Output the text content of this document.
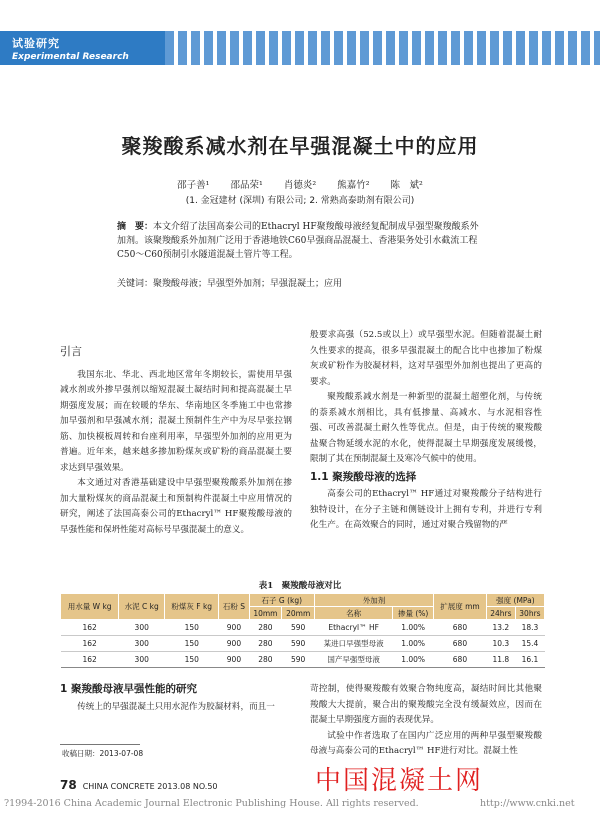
试验研究
Experimental Research
聚羧酸系减水剂在早强混凝土中的应用
邵子善¹ 邵品荣¹ 肖德炎² 熊嘉竹² 陈　斌²
(1. 金冠建材 (深圳) 有限公司; 2. 常熟高泰助剂有限公司)
摘　要：本文介绍了法国高泰公司的Ethacryl HF聚羧酸母液经复配制成早强型聚羧酸系外加剂。该聚羧酸系外加剂广泛用于香港地铁C60早强商品混凝土、香港渠务处引水截流工程C50～C60预制引水隧道混凝土管片等工程。
关键词：聚羧酸母液；早强型外加剂；早强混凝土；应用
引言

我国东北、华北、西北地区常年冬期较长，需使用早强减水剂或外掺早强剂以缩短混凝土凝结时间和提高混凝土早期强度发展；而在较暖的华东、华南地区冬季施工中也常掺加早强剂和早强减水剂；混凝土预制件生产中为尽早张拉钢筋、加快模板周转和台座利用率，早强型外加剂的应用更为普遍。近年来，越来越多掺加粉煤灰或矿粉的商品混凝土要求达到早强效果。

本文通过对香港基础建设中早强型聚羧酸系外加剂在掺加大量粉煤灰的商品混凝土和预制构件混凝土中应用情况的研究，阐述了法国高泰公司的Ethacryl™ HF聚羧酸母液的早强性能和保坍性能对高标号早强混凝土的意义。

般要求高强（52.5或以上）或早强型水泥。但随着混凝土耐久性要求的提高，很多早强混凝土的配合比中也掺加了粉煤灰或矿粉作为胶凝材料，这对早强型外加剂也提出了更高的要求。

聚羧酸系减水剂是一种新型的混凝土超塑化剂，与传统的萘系减水剂相比，具有低掺量、高减水、与水泥相容性强、可改善混凝土耐久性等优点。但是，由于传统的聚羧酸盐聚合物延缓水泥的水化，使得混凝土早期强度发展缓慢，限制了其在预制混凝土及寒冷气候中的使用。

1.1 聚羧酸母液的选择

高泰公司的Ethacryl™ HF通过对聚羧酸分子结构进行独特设计，在分子主链和侧链设计上拥有专利，并进行专利化生产。在高效聚合的同时，通过对聚合残留物的严

表1　聚羧酸母液对比
用水量 W kg	水泥 C kg	粉煤灰 F kg	石粉 S	石子 G (kg)		外加剂		扩展度 mm	强度 (MPa)	
				10mm	20mm	名称	掺量 (%)		24hrs	30hrs
162	300	150	900	280	590	Ethacryl™ HF	1.00%	680	13.2	18.3
162	300	150	900	280	590	某进口早强型母液	1.00%	680	10.3	15.4
162	300	150	900	280	590	国产早强型母液	1.00%	680	11.8	16.1
1 聚羧酸母液早强性能的研究

传统上的早强混凝土只用水泥作为胶凝材料，而且一

苛控制，使得聚羧酸有效聚合物纯度高，凝结时间比其他聚羧酸大大提前，聚合出的聚羧酸完全没有缓凝效应，因而在混凝土早期强度方面的表现优异。

试验中作者选取了在国内广泛应用的两种早强型聚羧酸母液与高泰公司的Ethacryl™ HF进行对比。混凝土性

收稿日期：2013-07-08
78 CHINA CONCRETE 2013.08 NO.50	中国混凝土网
?1994-2016 China Academic Journal Electronic Publishing House. All rights reserved.	http://www.cnki.net
